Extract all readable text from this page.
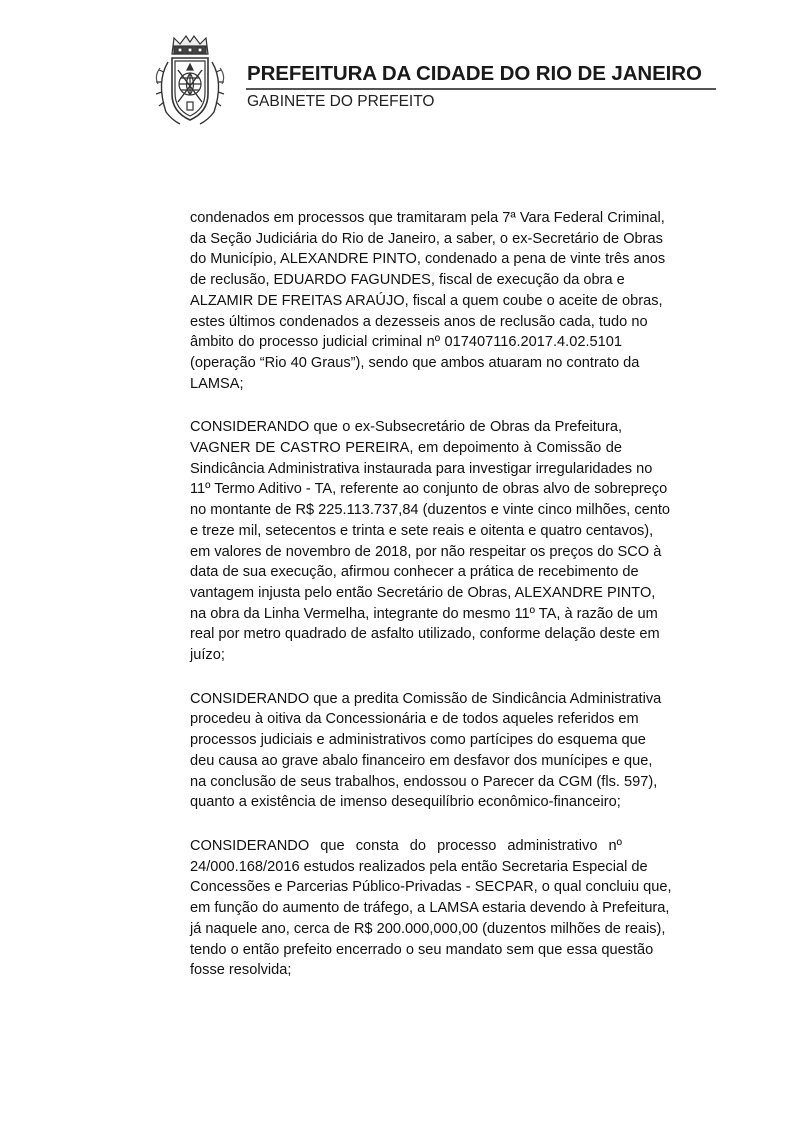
PREFEITURA DA CIDADE DO RIO DE JANEIRO
GABINETE DO PREFEITO

condenados em processos que tramitaram pela 7ª Vara Federal Criminal,
da Seção Judiciária do Rio de Janeiro, a saber, o ex-Secretário de Obras
do Município, ALEXANDRE PINTO, condenado a pena de vinte três anos
de reclusão, EDUARDO FAGUNDES, fiscal de execução da obra e
ALZAMIR DE FREITAS ARAÚJO, fiscal a quem coube o aceite de obras,
estes últimos condenados a dezesseis anos de reclusão cada, tudo no
âmbito do processo judicial criminal nº 017407116.2017.4.02.5101
(operação “Rio 40 Graus”), sendo que ambos atuaram no contrato da
LAMSA;

CONSIDERANDO que o ex-Subsecretário de Obras da Prefeitura,
VAGNER DE CASTRO PEREIRA, em depoimento à Comissão de
Sindicância Administrativa instaurada para investigar irregularidades no
11º Termo Aditivo - TA, referente ao conjunto de obras alvo de sobrepreço
no montante de R$ 225.113.737,84 (duzentos e vinte cinco milhões, cento
e treze mil, setecentos e trinta e sete reais e oitenta e quatro centavos),
em valores de novembro de 2018, por não respeitar os preços do SCO à
data de sua execução, afirmou conhecer a prática de recebimento de
vantagem injusta pelo então Secretário de Obras, ALEXANDRE PINTO,
na obra da Linha Vermelha, integrante do mesmo 11º TA, à razão de um
real por metro quadrado de asfalto utilizado, conforme delação deste em
juízo;

CONSIDERANDO que a predita Comissão de Sindicância Administrativa
procedeu à oitiva da Concessionária e de todos aqueles referidos em
processos judiciais e administrativos como partícipes do esquema que
deu causa ao grave abalo financeiro em desfavor dos munícipes e que,
na conclusão de seus trabalhos, endossou o Parecer da CGM (fls. 597),
quanto a existência de imenso desequilíbrio econômico-financeiro;

CONSIDERANDO que consta do processo administrativo nº
24/000.168/2016 estudos realizados pela então Secretaria Especial de
Concessões e Parcerias Público-Privadas - SECPAR, o qual concluiu que,
em função do aumento de tráfego, a LAMSA estaria devendo à Prefeitura,
já naquele ano, cerca de R$ 200.000,000,00 (duzentos milhões de reais),
tendo o então prefeito encerrado o seu mandato sem que essa questão
fosse resolvida;
